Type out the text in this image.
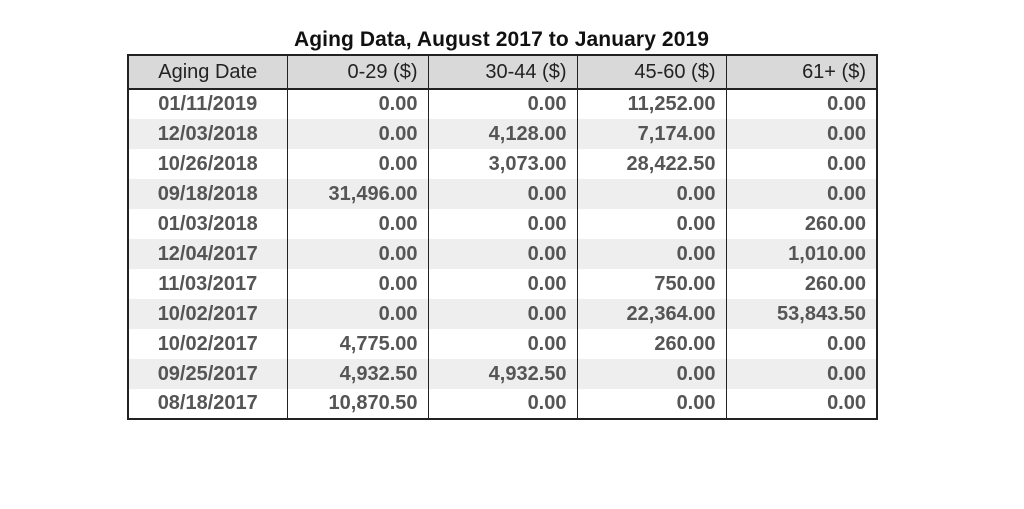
Aging Data, August 2017 to January 2019
Aging Date	0-29 ($)	30-44 ($)	45-60 ($)	61+ ($)
01/11/2019	0.00	0.00	11,252.00	0.00
12/03/2018	0.00	4,128.00	7,174.00	0.00
10/26/2018	0.00	3,073.00	28,422.50	0.00
09/18/2018	31,496.00	0.00	0.00	0.00
01/03/2018	0.00	0.00	0.00	260.00
12/04/2017	0.00	0.00	0.00	1,010.00
11/03/2017	0.00	0.00	750.00	260.00
10/02/2017	0.00	0.00	22,364.00	53,843.50
10/02/2017	4,775.00	0.00	260.00	0.00
09/25/2017	4,932.50	4,932.50	0.00	0.00
08/18/2017	10,870.50	0.00	0.00	0.00
